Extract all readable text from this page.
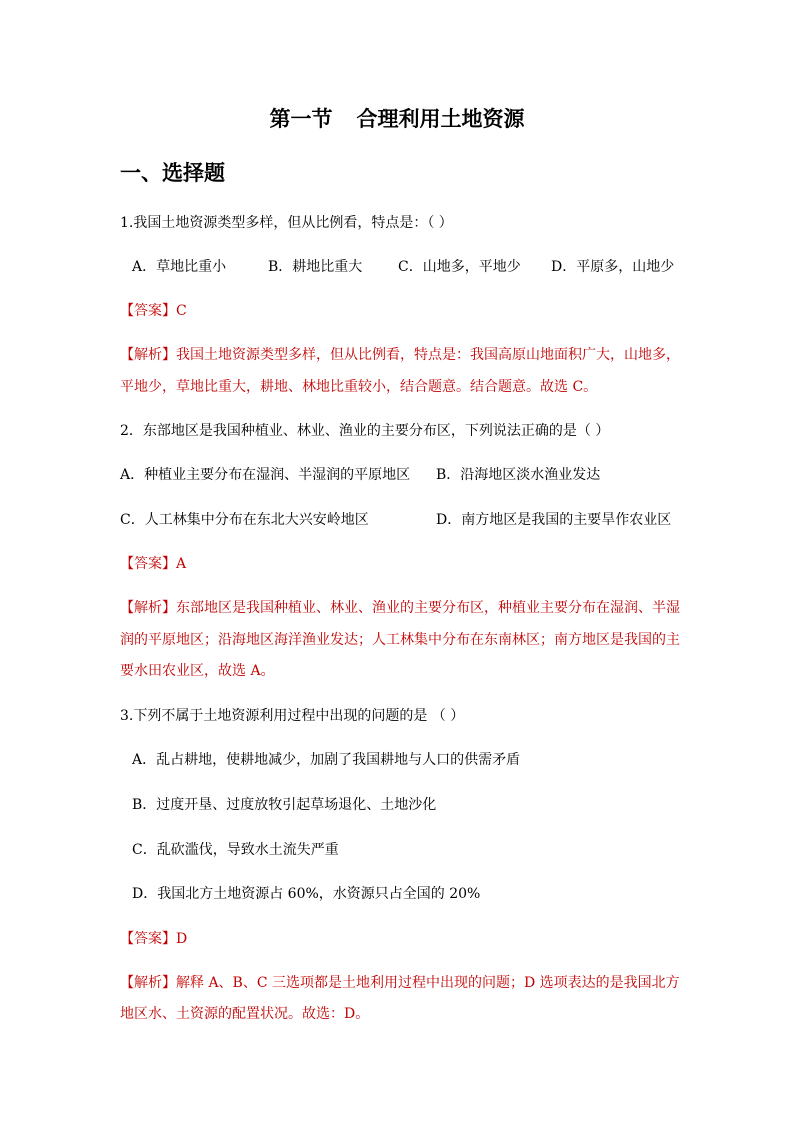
第一节 合理利用土地资源
一、选择题
1.我国土地资源类型多样，但从比例看，特点是：（ ）
A．草地比重小	B．耕地比重大	C．山地多，平地少 D．平原多，山地少
【答案】C
【解析】我国土地资源类型多样，但从比例看，特点是：我国高原山地面积广大，山地多，
平地少，草地比重大，耕地、林地比重较小，结合题意。结合题意。故选 C。
2．东部地区是我国种植业、林业、渔业的主要分布区，下列说法正确的是（ ）
A．种植业主要分布在湿润、半湿润的平原地区 B．沿海地区淡水渔业发达
C．人工林集中分布在东北大兴安岭地区	D．南方地区是我国的主要旱作农业区
【答案】A
【解析】东部地区是我国种植业、林业、渔业的主要分布区，种植业主要分布在湿润、半湿
润的平原地区；沿海地区海洋渔业发达；人工林集中分布在东南林区；南方地区是我国的主
要水田农业区，故选 A。
3.下列不属于土地资源利用过程中出现的问题的是 （ ）
A．乱占耕地，使耕地减少，加剧了我国耕地与人口的供需矛盾
B．过度开垦、过度放牧引起草场退化、土地沙化
C．乱砍滥伐，导致水土流失严重
D．我国北方土地资源占 60%，水资源只占全国的 20%
【答案】D
【解析】解释 A、B、C 三选项都是土地利用过程中出现的问题；D 选项表达的是我国北方
地区水、土资源的配置状况。故选：D。
